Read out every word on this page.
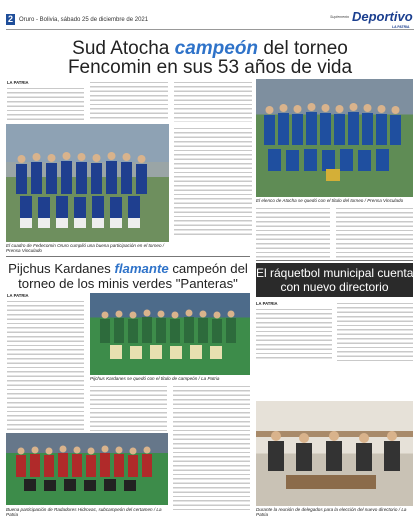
2	Oruro - Bolivia, sábado 25 de diciembre de 2021	Suplemento Deportivo
LA PATRIA
Sud Atocha campeón del torneo
Fencomin en sus 53 años de vida
LA PATRIA
El cuadro de Fedecomin Oruro cumplió una buena participación en el torneo / Prensa Vinculado
El elenco de Atocha se quedó con el título del torneo / Prensa Vinculado
Pijchus Kardanes flamante campeón del
torneo de los minis verdes "Panteras"
LA PATRIA
Pijchus Kardanes se quedó con el título de campeón / La Patria
Buena participación de Radadores Hidrovac, subcampeón del certamen / La Patria
El ráquetbol municipal cuenta
con nuevo directorio
LA PATRIA
Durante la reunión de delegados para la elección del nuevo directorio / La Patria
